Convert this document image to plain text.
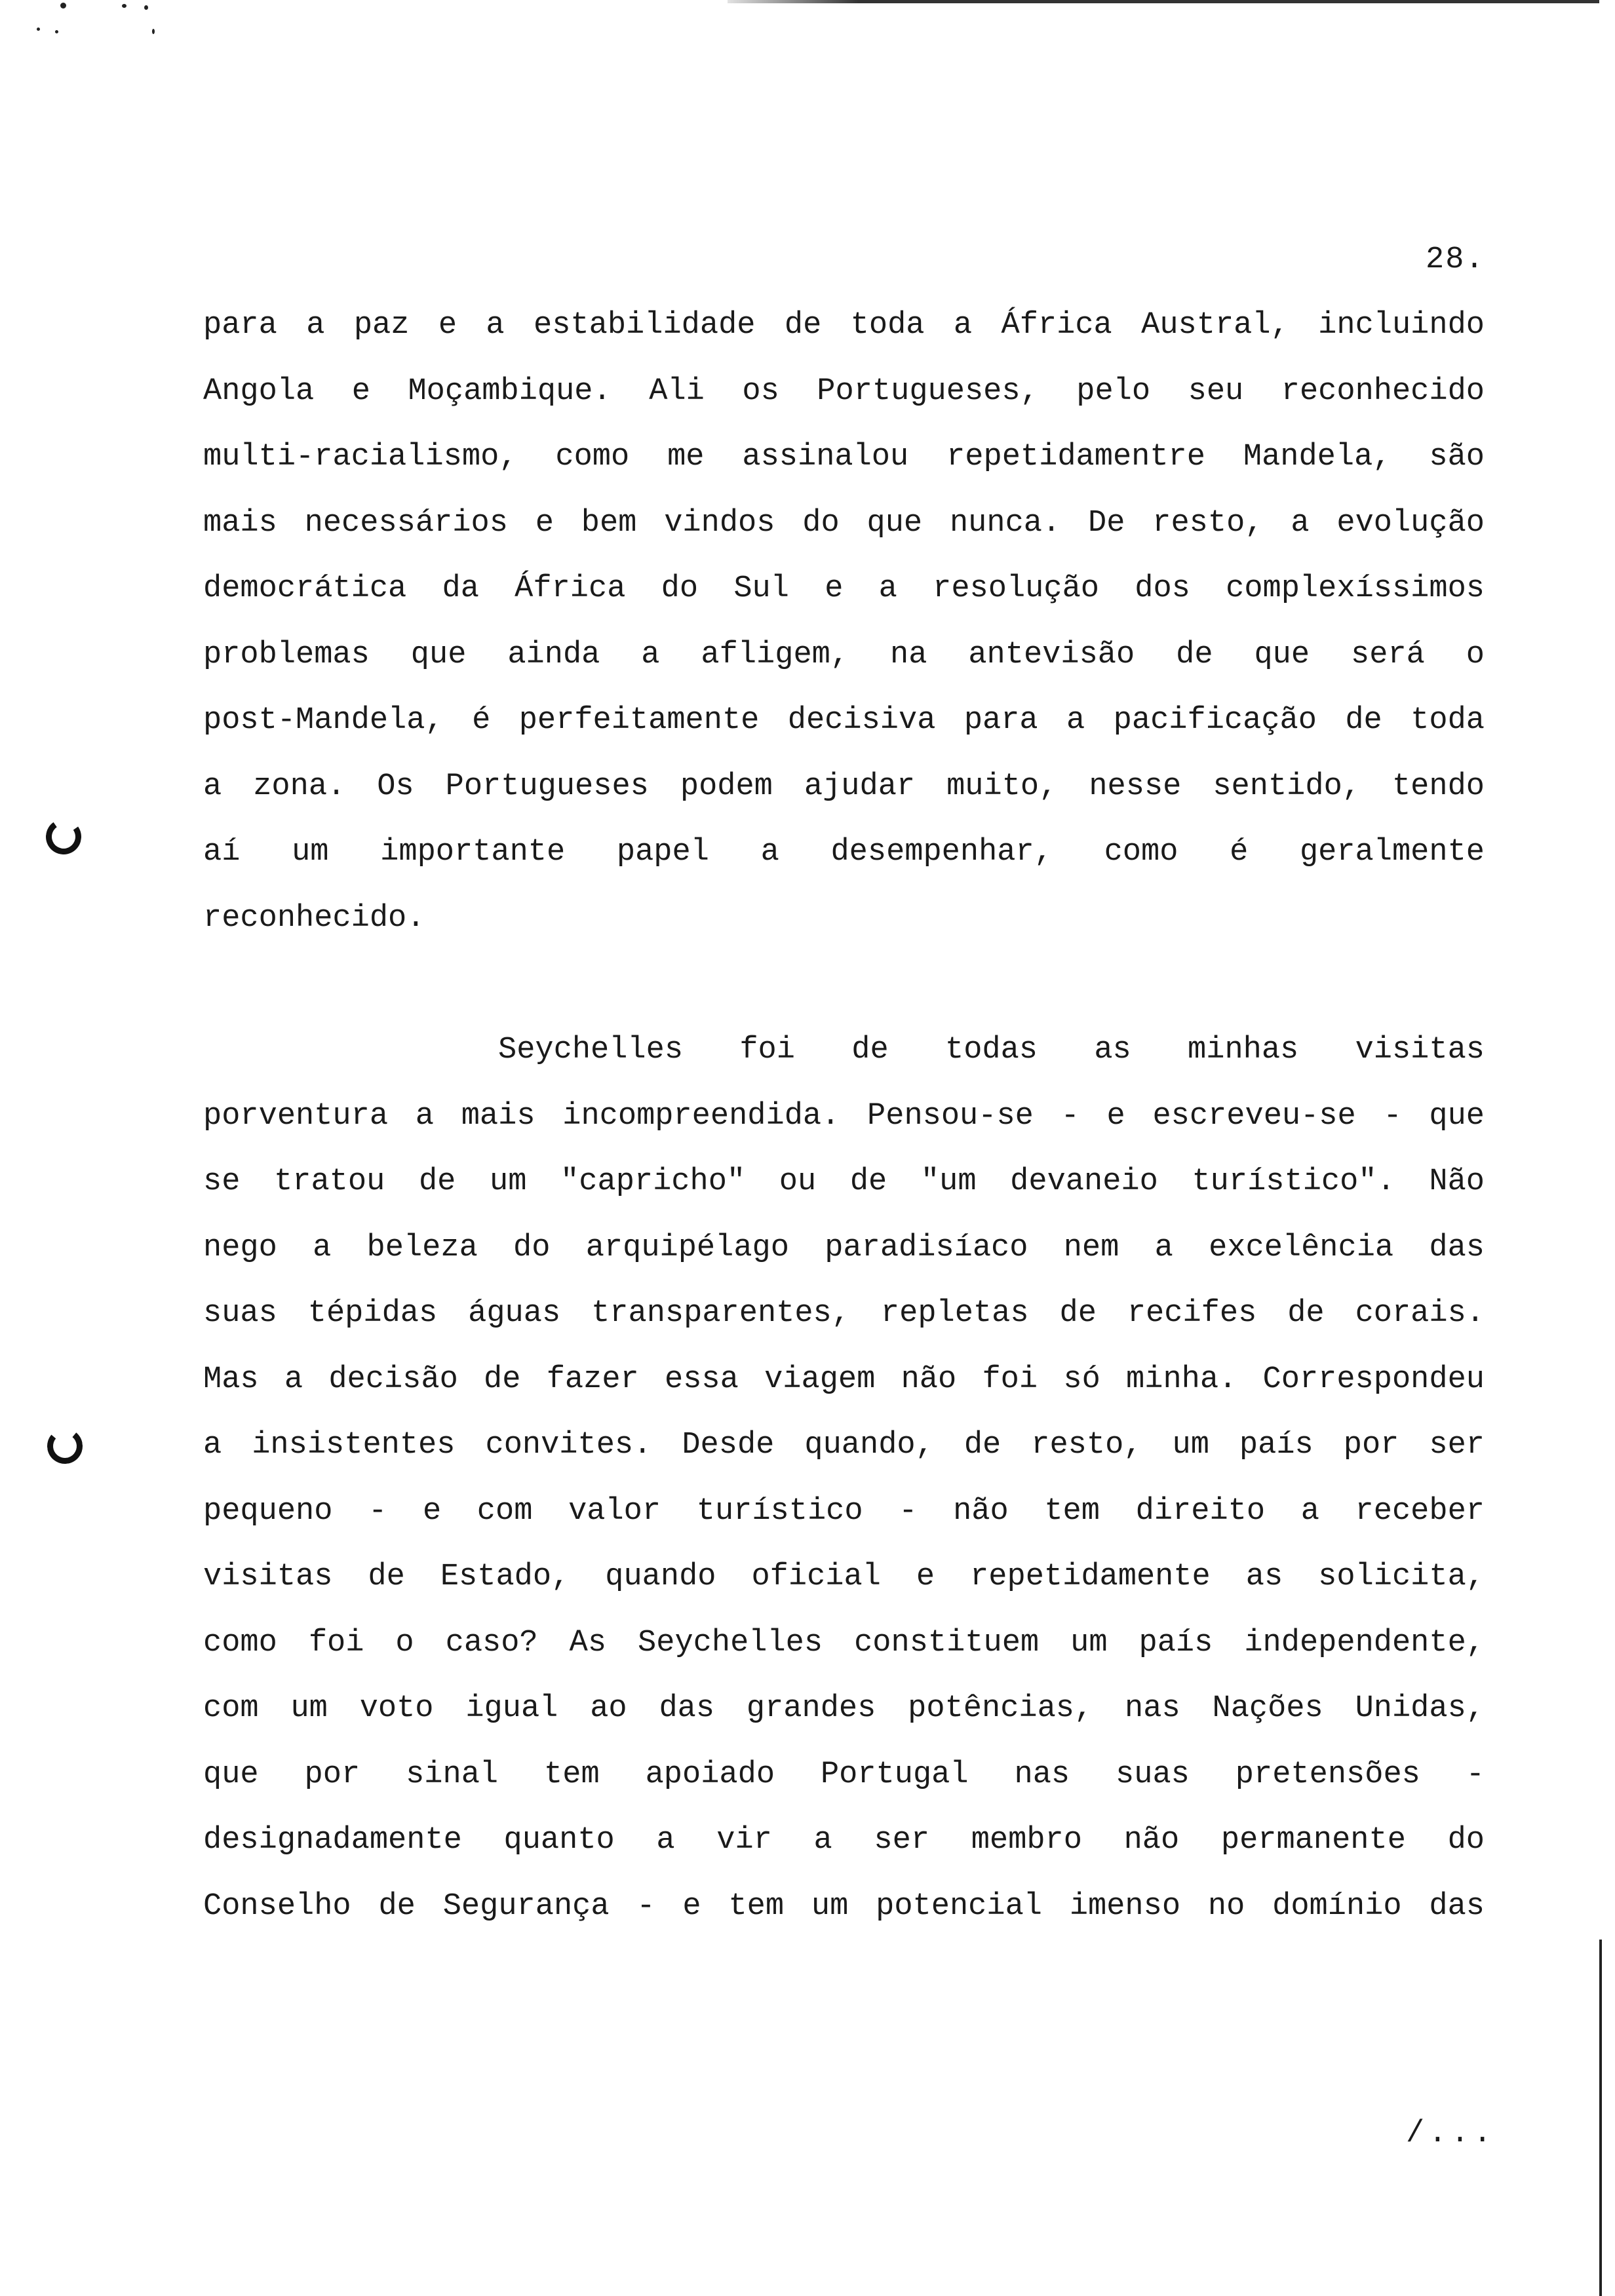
28.
para a paz e a estabilidade de toda a África Austral, incluindo
Angola e Moçambique. Ali os Portugueses, pelo seu reconhecido
multi-racialismo, como me assinalou repetidamentre Mandela, são
mais necessários e bem vindos do que nunca. De resto, a evolução
democrática da África do Sul e a resolução dos complexíssimos
problemas que ainda a afligem, na antevisão de que será o
post-Mandela, é perfeitamente decisiva para a pacificação de toda
a zona. Os Portugueses podem ajudar muito, nesse sentido, tendo
aí um importante papel a desempenhar, como é geralmente
reconhecido.
Seychelles foi de todas as minhas visitas
porventura a mais incompreendida. Pensou-se - e escreveu-se - que
se tratou de um "capricho" ou de "um devaneio turístico". Não
nego a beleza do arquipélago paradisíaco nem a excelência das
suas tépidas águas transparentes, repletas de recifes de corais.
Mas a decisão de fazer essa viagem não foi só minha. Correspondeu
a insistentes convites. Desde quando, de resto, um país por ser
pequeno - e com valor turístico - não tem direito a receber
visitas de Estado, quando oficial e repetidamente as solicita,
como foi o caso? As Seychelles constituem um país independente,
com um voto igual ao das grandes potências, nas Nações Unidas,
que por sinal tem apoiado Portugal nas suas pretensões -
designadamente quanto a vir a ser membro não permanente do
Conselho de Segurança - e tem um potencial imenso no domínio das
/...
